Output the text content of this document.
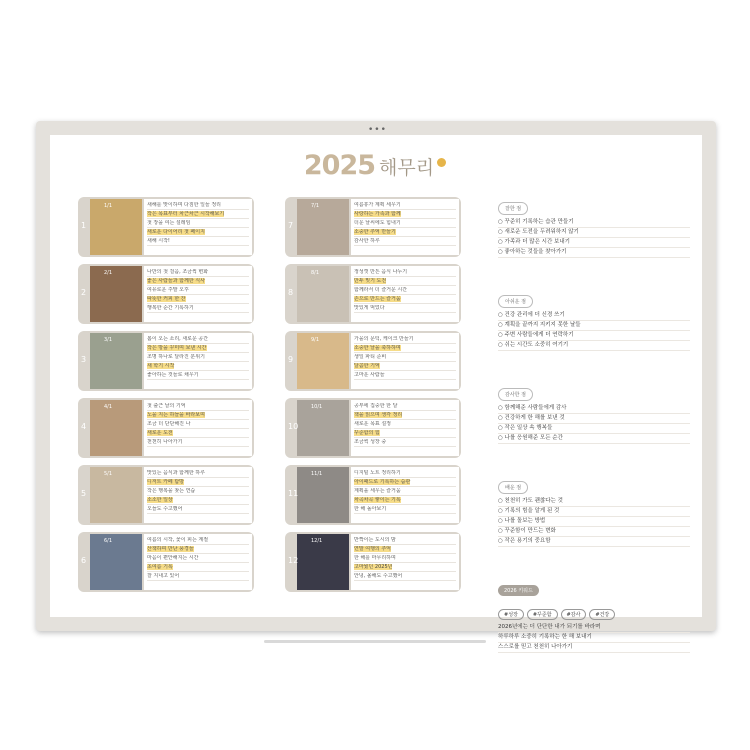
•••
2025 해무리
1/1
1
새해를 맞이하며 다짐한 일들 정리
작은 목표부터 차근차근 시작해보기
첫 장을 여는 설레임
새로운 다이어리 첫 페이지
새해 시작!
2/1
2
나만의 첫 걸음, 조금씩 변화
좋은 사람들과 함께한 식사
여유로운 주말 오후
따뜻한 커피 한 잔
행복한 순간 기록하기
3/1
3
봄이 오는 소리, 새로운 공간
작은 방을 꾸미며 보낸 시간
조명 하나로 달라진 분위기
새 학기 시작
좋아하는 것들로 채우기
4/1
4
첫 출근 날의 기억
노을 지는 하늘을 바라보며
조금 더 단단해진 나
새로운 도전
천천히 나아가기
5/1
5
맛있는 음식과 함께한 하루
디저트 카페 탐방
작은 행복을 찾는 연습
소소한 일상
오늘도 수고했어
6/1
6
여름의 시작, 꽃이 피는 계절
산책하며 만난 풍경들
마음이 편안해지는 시간
초여름 기록
잘 지내고 있어
7/1
7
여름휴가 계획 세우기
사랑하는 가족과 함께
더운 날씨에도 힘내기
소중한 추억 만들기
감사한 하루
8/1
8
정성껏 만든 음식 나누기
만두 빚기 도전
함께라서 더 즐거운 시간
손으로 만드는 즐거움
맛있게 먹었다
9/1
9
가을의 문턱, 케이크 만들기
소중한 날을 축하하며
생일 파티 준비
달콤한 기억
고마운 사람들
10/1
10
공부에 집중한 한 달
책을 읽으며 생각 정리
새로운 목표 설정
꾸준함의 힘
조금씩 성장 중
11/1
11
디지털 노트 정리하기
아이패드로 기록하는 습관
계획을 세우는 즐거움
차곡차곡 쌓이는 기록
한 해 돌아보기
12/1
12
반짝이는 도시의 밤
연말 여행의 추억
한 해를 마무리하며
고마웠던 2025년
안녕, 올해도 수고했어
잘한 점
○ 꾸준히 기록하는 습관 만들기
○ 새로운 도전을 두려워하지 않기
○ 가족과 더 많은 시간 보내기
○ 좋아하는 것들을 찾아가기
아쉬운 점
○ 건강 관리에 더 신경 쓰기
○ 계획을 끝까지 지키지 못한 날들
○ 주변 사람들에게 더 연락하기
○ 쉬는 시간도 소중히 여기기
감사한 점
○ 함께해준 사람들에게 감사
○ 건강하게 한 해를 보낸 것
○ 작은 일상 속 행복들
○ 나를 응원해준 모든 순간
배운 점
○ 천천히 가도 괜찮다는 것
○ 기록의 힘을 알게 된 것
○ 나를 돌보는 방법
○ 꾸준함이 만드는 변화
○ 작은 용기의 중요함
2026 키워드
#성장	#꾸준함	#감사	#건강
2026년에는 더 단단한 내가 되기를 바라며
하루하루 소중히 기록하는 한 해 보내기
스스로를 믿고 천천히 나아가기
